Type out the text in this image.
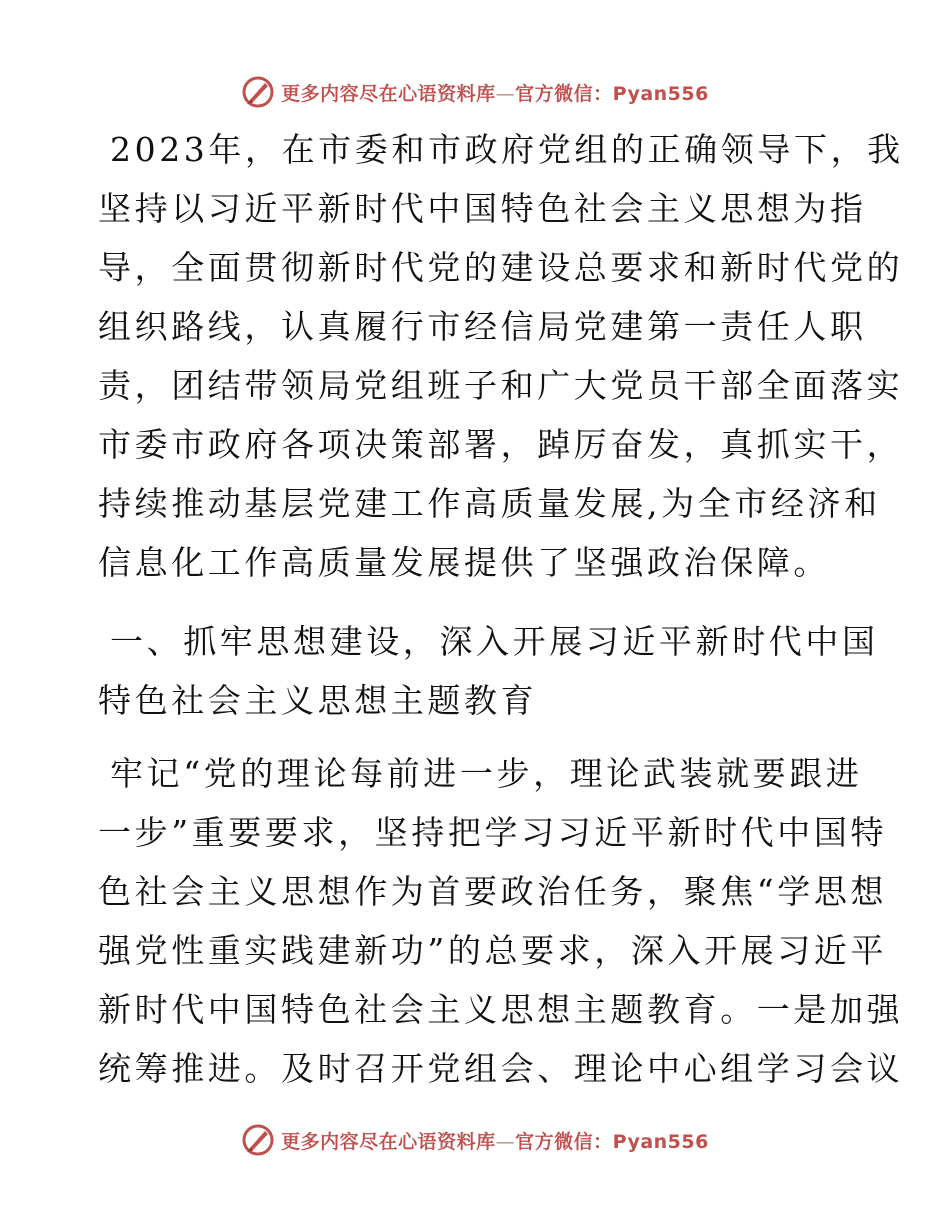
更多内容尽在心语资料库—官方微信：Pyan556
2023年，在市委和市政府党组的正确领导下，我
坚持以习近平新时代中国特色社会主义思想为指
导，全面贯彻新时代党的建设总要求和新时代党的
组织路线，认真履行市经信局党建第一责任人职
责，团结带领局党组班子和广大党员干部全面落实
市委市政府各项决策部署，踔厉奋发，真抓实干，
持续推动基层党建工作高质量发展,为全市经济和
信息化工作高质量发展提供了坚强政治保障。
一、抓牢思想建设，深入开展习近平新时代中国
特色社会主义思想主题教育
牢记“党的理论每前进一步，理论武装就要跟进
一步”重要要求，坚持把学习习近平新时代中国特
色社会主义思想作为首要政治任务，聚焦“学思想
强党性重实践建新功”的总要求，深入开展习近平
新时代中国特色社会主义思想主题教育。一是加强
统筹推进。及时召开党组会、理论中心组学习会议
更多内容尽在心语资料库—官方微信：Pyan556
